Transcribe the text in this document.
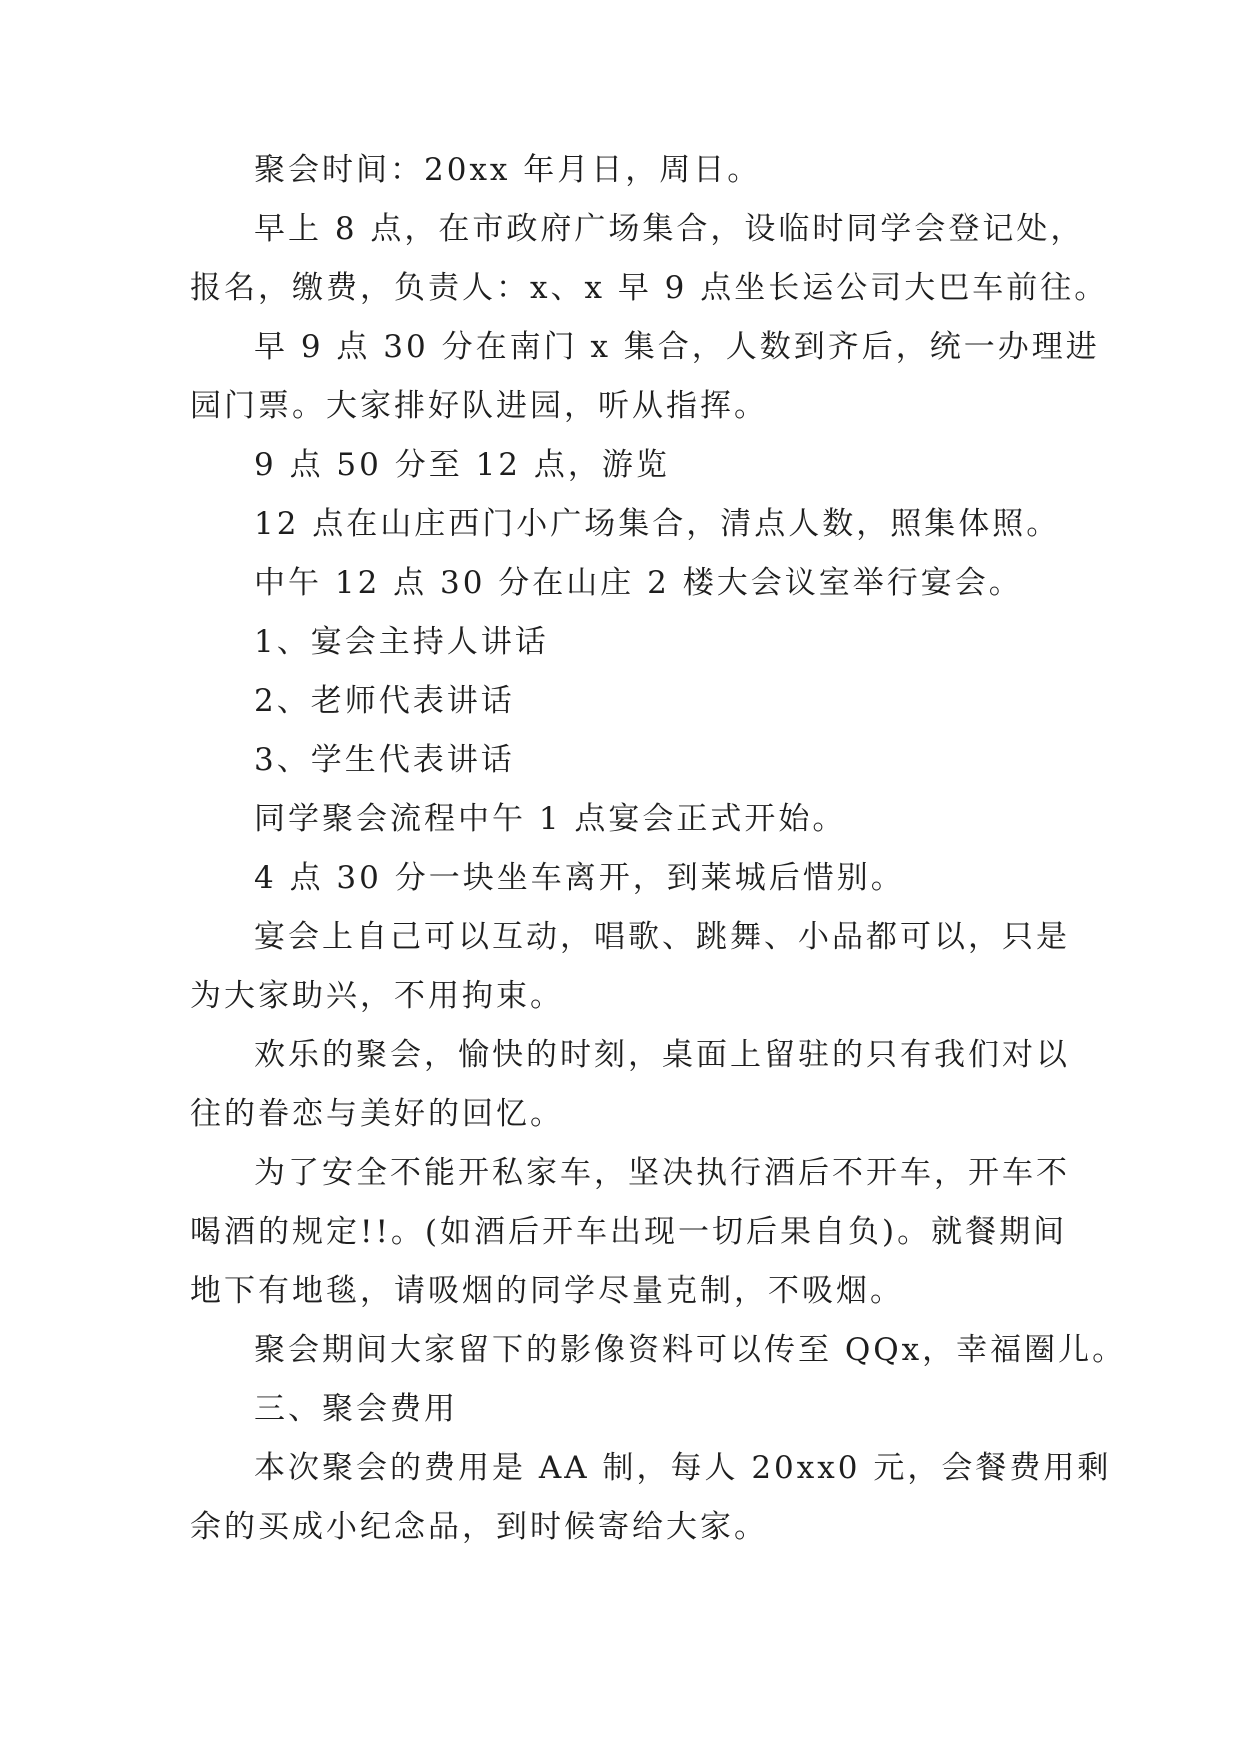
聚会时间：20xx 年月日，周日。
早上 8 点，在市政府广场集合，设临时同学会登记处，
报名，缴费，负责人：x、x 早 9 点坐长运公司大巴车前往。
早 9 点 30 分在南门 x 集合，人数到齐后，统一办理进
园门票。大家排好队进园，听从指挥。
9 点 50 分至 12 点，游览
12 点在山庄西门小广场集合，清点人数，照集体照。
中午 12 点 30 分在山庄 2 楼大会议室举行宴会。
1、宴会主持人讲话
2、老师代表讲话
3、学生代表讲话
同学聚会流程中午 1 点宴会正式开始。
4 点 30 分一块坐车离开，到莱城后惜别。
宴会上自己可以互动，唱歌、跳舞、小品都可以，只是
为大家助兴，不用拘束。
欢乐的聚会，愉快的时刻，桌面上留驻的只有我们对以
往的眷恋与美好的回忆。
为了安全不能开私家车，坚决执行酒后不开车，开车不
喝酒的规定!!。(如酒后开车出现一切后果自负)。就餐期间
地下有地毯，请吸烟的同学尽量克制，不吸烟。
聚会期间大家留下的影像资料可以传至 QQx，幸福圈儿。
三、聚会费用
本次聚会的费用是 AA 制，每人 20xx0 元，会餐费用剩
余的买成小纪念品，到时候寄给大家。
